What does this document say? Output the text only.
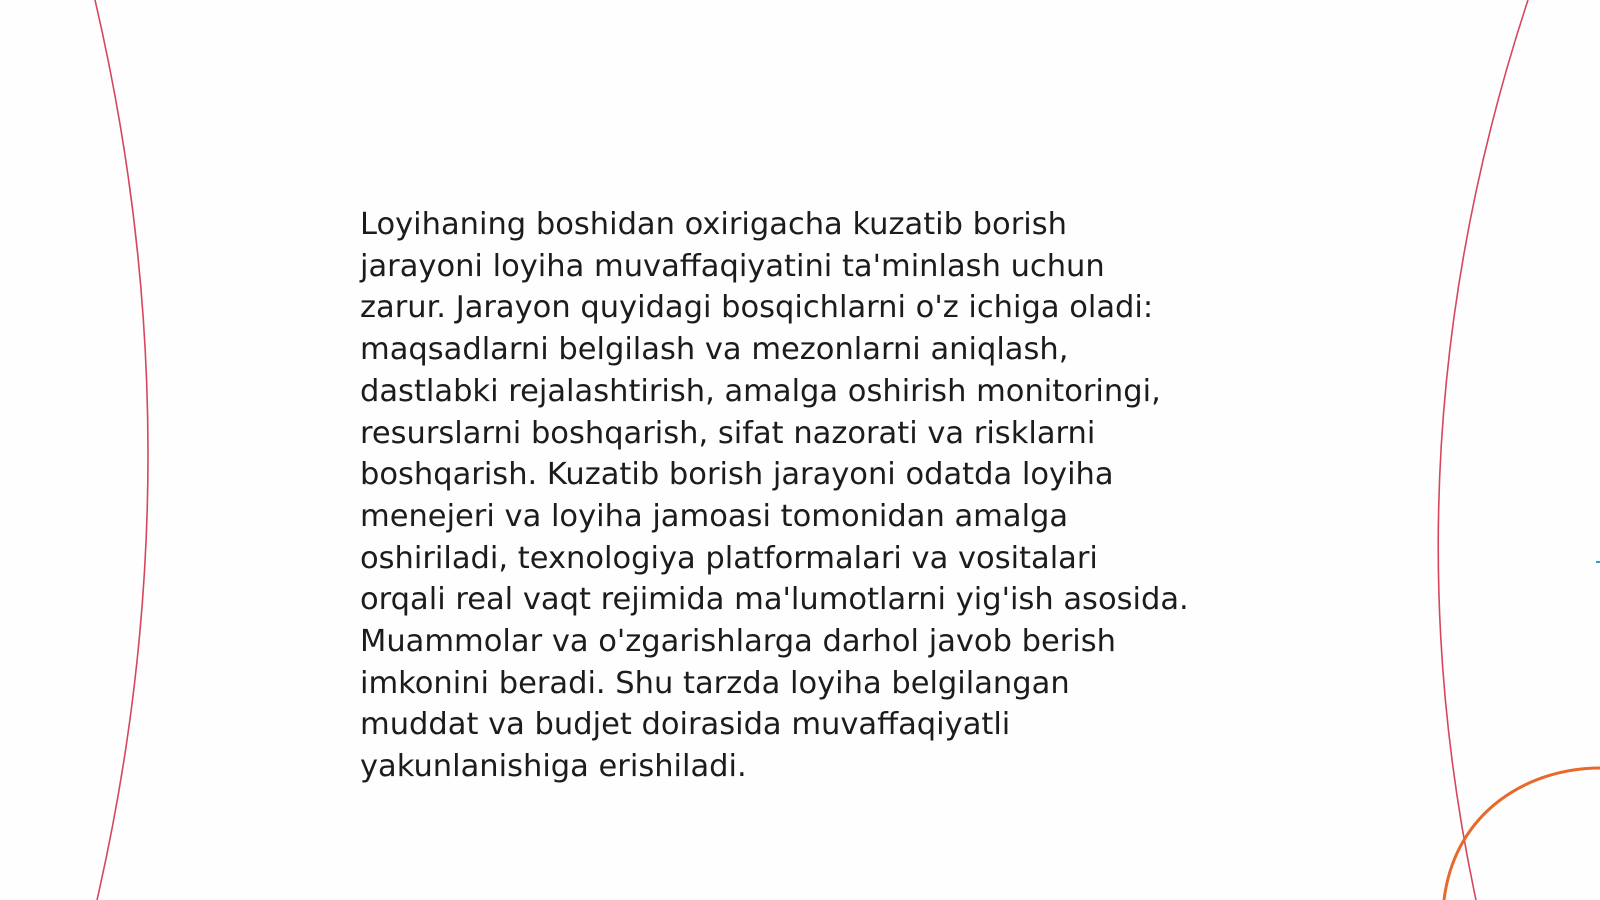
Loyihaning boshidan oxirigacha kuzatib borish
jarayoni loyiha muvaffaqiyatini ta'minlash uchun
zarur. Jarayon quyidagi bosqichlarni o'z ichiga oladi:
maqsadlarni belgilash va mezonlarni aniqlash,
dastlabki rejalashtirish, amalga oshirish monitoringi,
resurslarni boshqarish, sifat nazorati va risklarni
boshqarish. Kuzatib borish jarayoni odatda loyiha
menejeri va loyiha jamoasi tomonidan amalga
oshiriladi, texnologiya platformalari va vositalari
orqali real vaqt rejimida ma'lumotlarni yig'ish asosida.
Muammolar va o'zgarishlarga darhol javob berish
imkonini beradi. Shu tarzda loyiha belgilangan
muddat va budjet doirasida muvaffaqiyatli
yakunlanishiga erishiladi.
